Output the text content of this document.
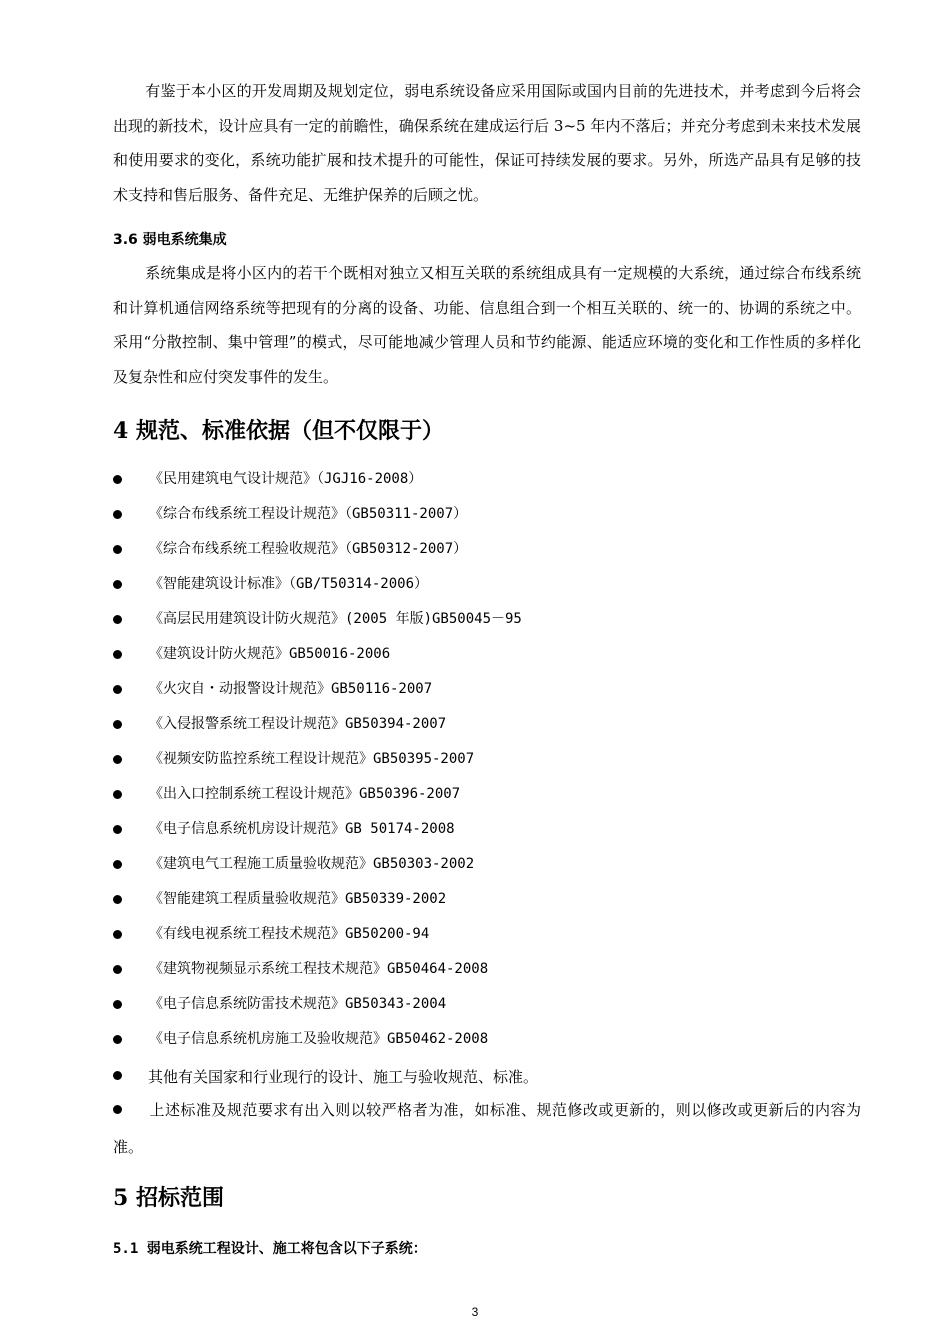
有鉴于本小区的开发周期及规划定位，弱电系统设备应采用国际或国内目前的先进技术，并考虑到今后将会出现的新技术，设计应具有一定的前瞻性，确保系统在建成运行后 3~5 年内不落后；并充分考虑到未来技术发展和使用要求的变化，系统功能扩展和技术提升的可能性，保证可持续发展的要求。另外，所选产品具有足够的技术支持和售后服务、备件充足、无维护保养的后顾之忧。
3.6 弱电系统集成
系统集成是将小区内的若干个既相对独立又相互关联的系统组成具有一定规模的大系统，通过综合布线系统和计算机通信网络系统等把现有的分离的设备、功能、信息组合到一个相互关联的、统一的、协调的系统之中。采用“分散控制、集中管理”的模式，尽可能地减少管理人员和节约能源、能适应环境的变化和工作性质的多样化及复杂性和应付突发事件的发生。
4 规范、标准依据（但不仅限于）
《民用建筑电气设计规范》（JGJ16-2008）
《综合布线系统工程设计规范》（GB50311-2007）
《综合布线系统工程验收规范》（GB50312-2007）
《智能建筑设计标准》（GB/T50314-2006）
《高层民用建筑设计防火规范》(2005 年版)GB50045－95
《建筑设计防火规范》GB50016-2006
《火灾自・动报警设计规范》GB50116-2007
《入侵报警系统工程设计规范》GB50394-2007
《视频安防监控系统工程设计规范》GB50395-2007
《出入口控制系统工程设计规范》GB50396-2007
《电子信息系统机房设计规范》GB 50174-2008
《建筑电气工程施工质量验收规范》GB50303-2002
《智能建筑工程质量验收规范》GB50339-2002
《有线电视系统工程技术规范》GB50200-94
《建筑物视频显示系统工程技术规范》GB50464-2008
《电子信息系统防雷技术规范》GB50343-2004
《电子信息系统机房施工及验收规范》GB50462-2008
其他有关国家和行业现行的设计、施工与验收规范、标准。
上述标准及规范要求有出入则以较严格者为准，如标准、规范修改或更新的，则以修改或更新后的内容为准。
5 招标范围
5.1 弱电系统工程设计、施工将包含以下子系统：
3
